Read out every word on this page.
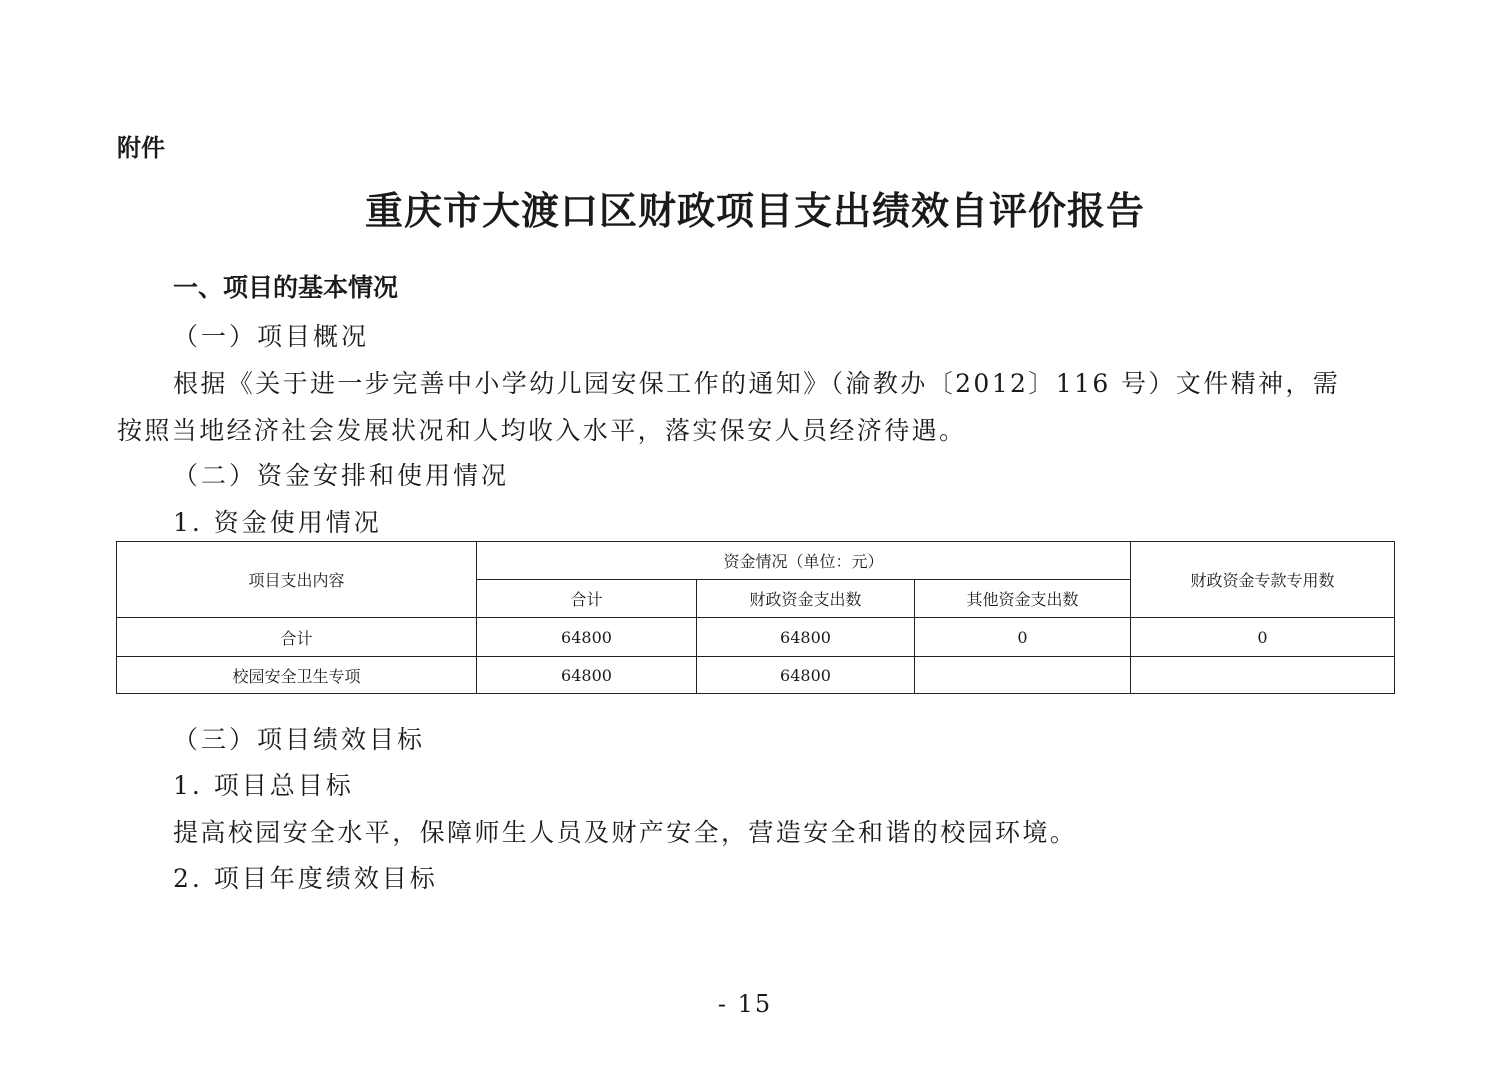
附件
重庆市大渡口区财政项目支出绩效自评价报告
一、项目的基本情况
（一）项目概况
根据《关于进一步完善中小学幼儿园安保工作的通知》（渝教办〔2012〕116 号）文件精神，需
按照当地经济社会发展状况和人均收入水平，落实保安人员经济待遇。
（二）资金安排和使用情况
1. 资金使用情况
项目支出内容	资金情况（单位：元）			财政资金专款专用数
	合计	财政资金支出数	其他资金支出数	
合计	64800	64800	0	0
校园安全卫生专项	64800	64800		
（三）项目绩效目标
1. 项目总目标
提高校园安全水平，保障师生人员及财产安全，营造安全和谐的校园环境。
2. 项目年度绩效目标
- 15
